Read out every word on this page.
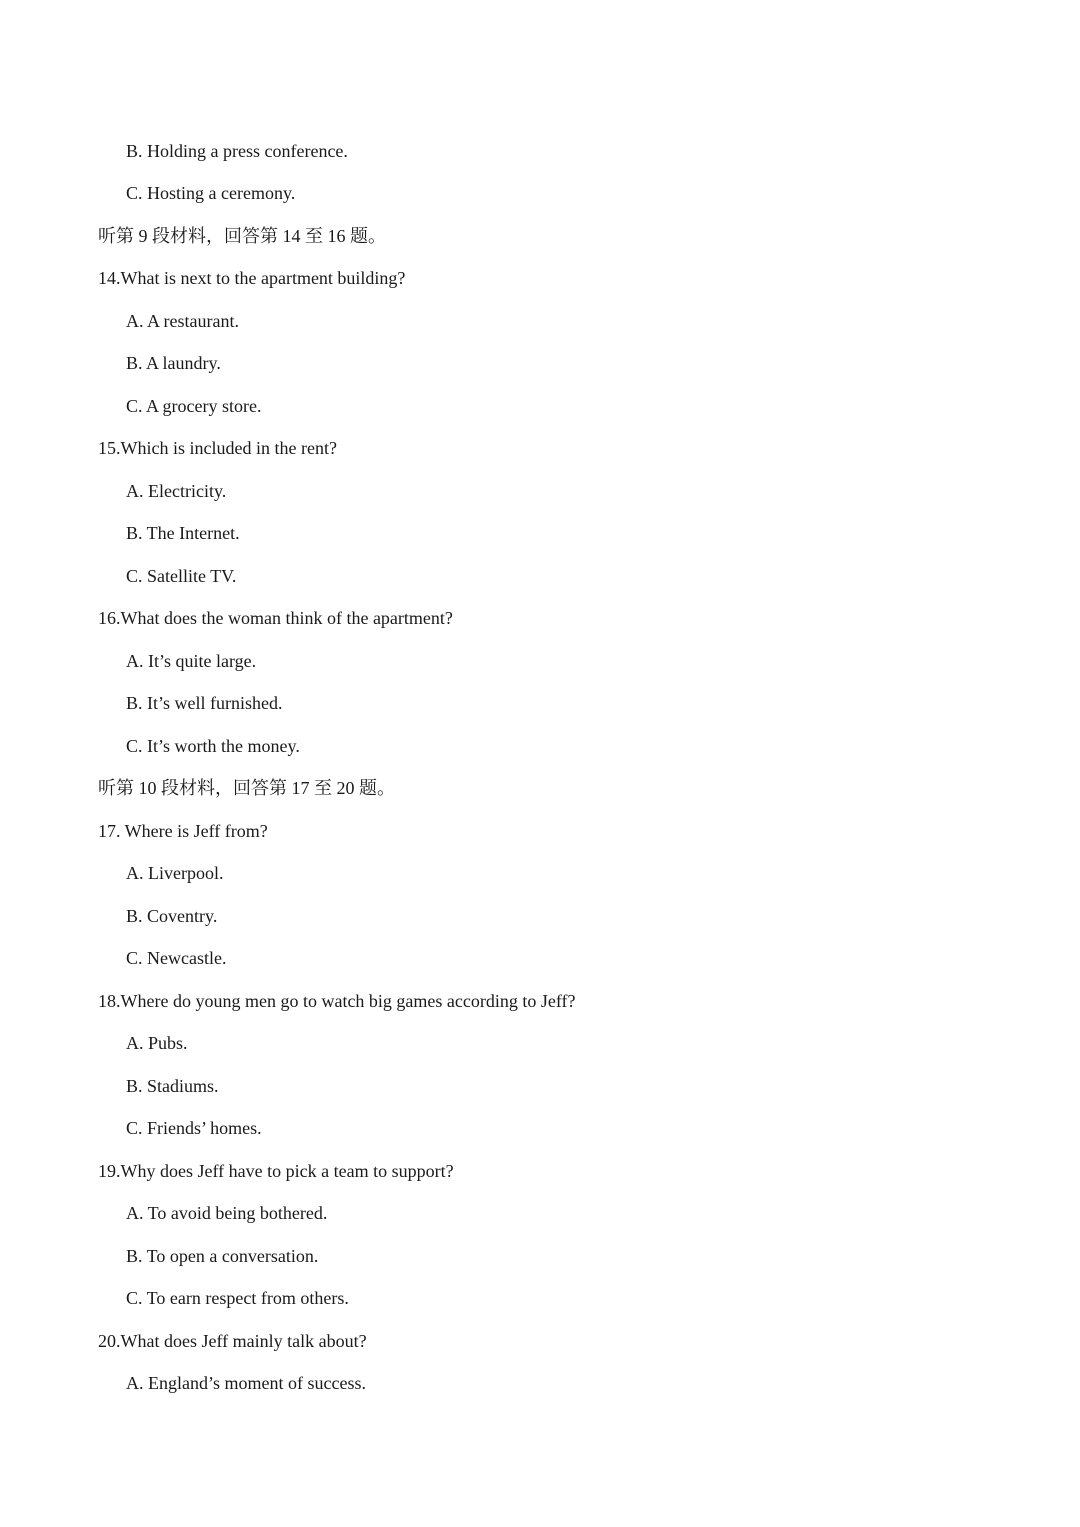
B. Holding a press conference.
C. Hosting a ceremony.
听第 9 段材料，回答第 14 至 16 题。
14.What is next to the apartment building?
A. A restaurant.
B. A laundry.
C. A grocery store.
15.Which is included in the rent?
A. Electricity.
B. The Internet.
C. Satellite TV.
16.What does the woman think of the apartment?
A. It’s quite large.
B. It’s well furnished.
C. It’s worth the money.
听第 10 段材料，回答第 17 至 20 题。
17. Where is Jeff from?
A. Liverpool.
B. Coventry.
C. Newcastle.
18.Where do young men go to watch big games according to Jeff?
A. Pubs.
B. Stadiums.
C. Friends’ homes.
19.Why does Jeff have to pick a team to support?
A. To avoid being bothered.
B. To open a conversation.
C. To earn respect from others.
20.What does Jeff mainly talk about?
A. England’s moment of success.
